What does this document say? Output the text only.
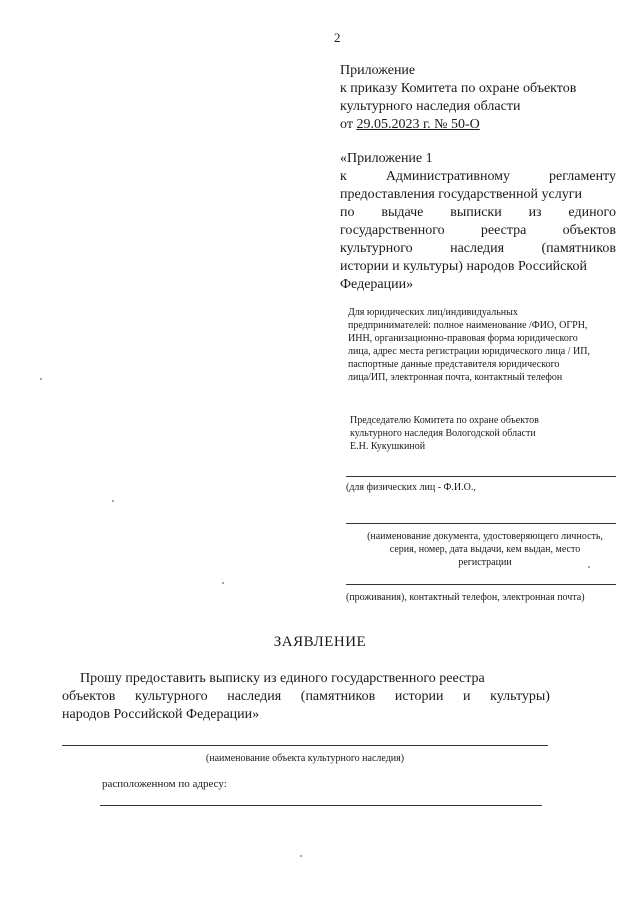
2
Приложение
к приказу Комитета по охране объектов
культурного наследия области
от 29.05.2023 г. № 50-О
«Приложение 1
к	Административному	регламенту
предоставления государственной услуги
по выдаче выписки из единого
государственного	реестра	объектов
культурного	наследия	(памятников
истории и культуры) народов Российской
Федерации»
Для юридических лиц/индивидуальных
предпринимателей: полное наименование /ФИО, ОГРН,
ИНН, организационно-правовая форма юридического
лица, адрес места регистрации юридического лица / ИП,
паспортные данные представителя юридического
лица/ИП, электронная почта, контактный телефон
Председателю Комитета по охране объектов
культурного наследия Вологодской области
Е.Н. Кукушкиной
(для физических лиц - Ф.И.О.,
(наименование документа, удостоверяющего личность,
серия, номер, дата выдачи, кем выдан, место
регистрации
(проживания), контактный телефон, электронная почта)
ЗАЯВЛЕНИЕ
Прошу предоставить выписку из единого государственного реестра
объектов культурного наследия (памятников истории и культуры)
народов Российской Федерации»
(наименование объекта культурного наследия)
расположенном по адресу:
